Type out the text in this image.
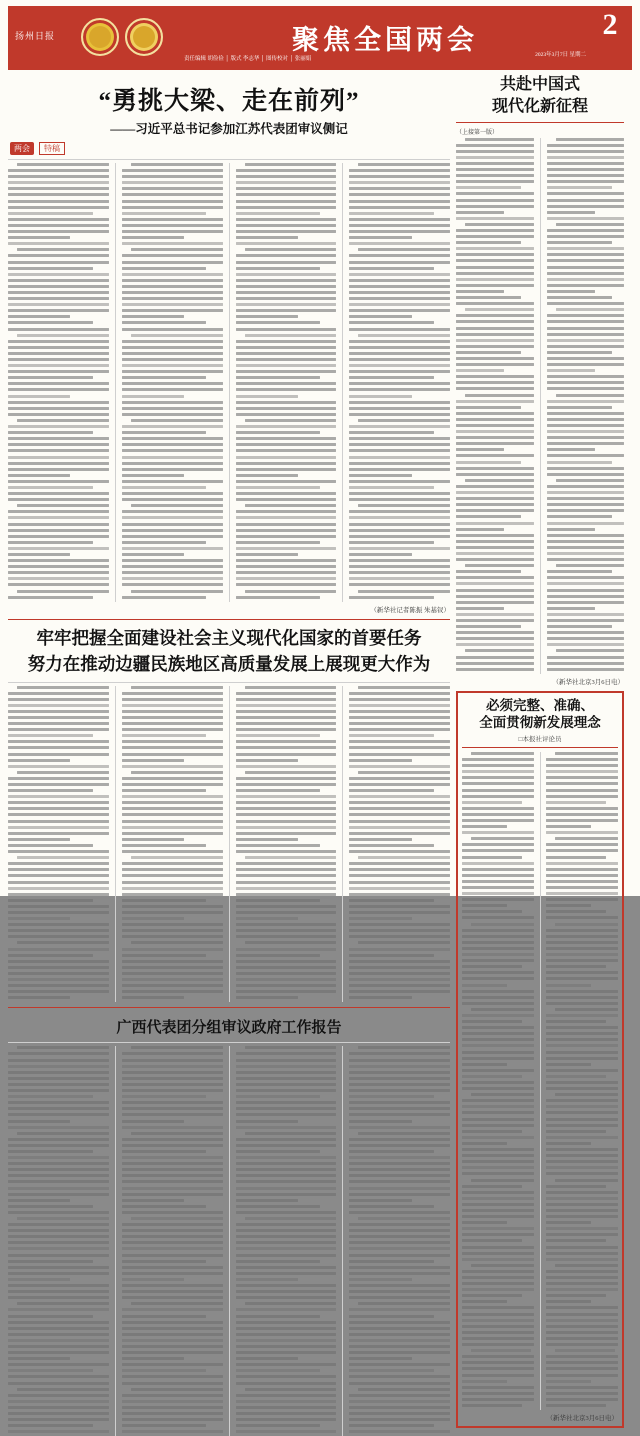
扬州日报	聚焦全国两会	2
责任编辑 胡俭俭 │ 版式 李志华 │ 图传校对 │ 张丽娟
2023年3月7日 星期二
“勇挑大梁、走在前列”
——习近平总书记参加江苏代表团审议侧记
两会	特稿
（新华社记者陈振 朱基钗）
牢牢把握全面建设社会主义现代化国家的首要任务
努力在推动边疆民族地区高质量发展上展现更大作为
广西代表团分组审议政府工作报告
共赴中国式
现代化新征程
（上接第一版）
（新华社北京3月6日电）
必须完整、准确、
全面贯彻新发展理念
□本报社评论员
（新华社北京3月6日电）
